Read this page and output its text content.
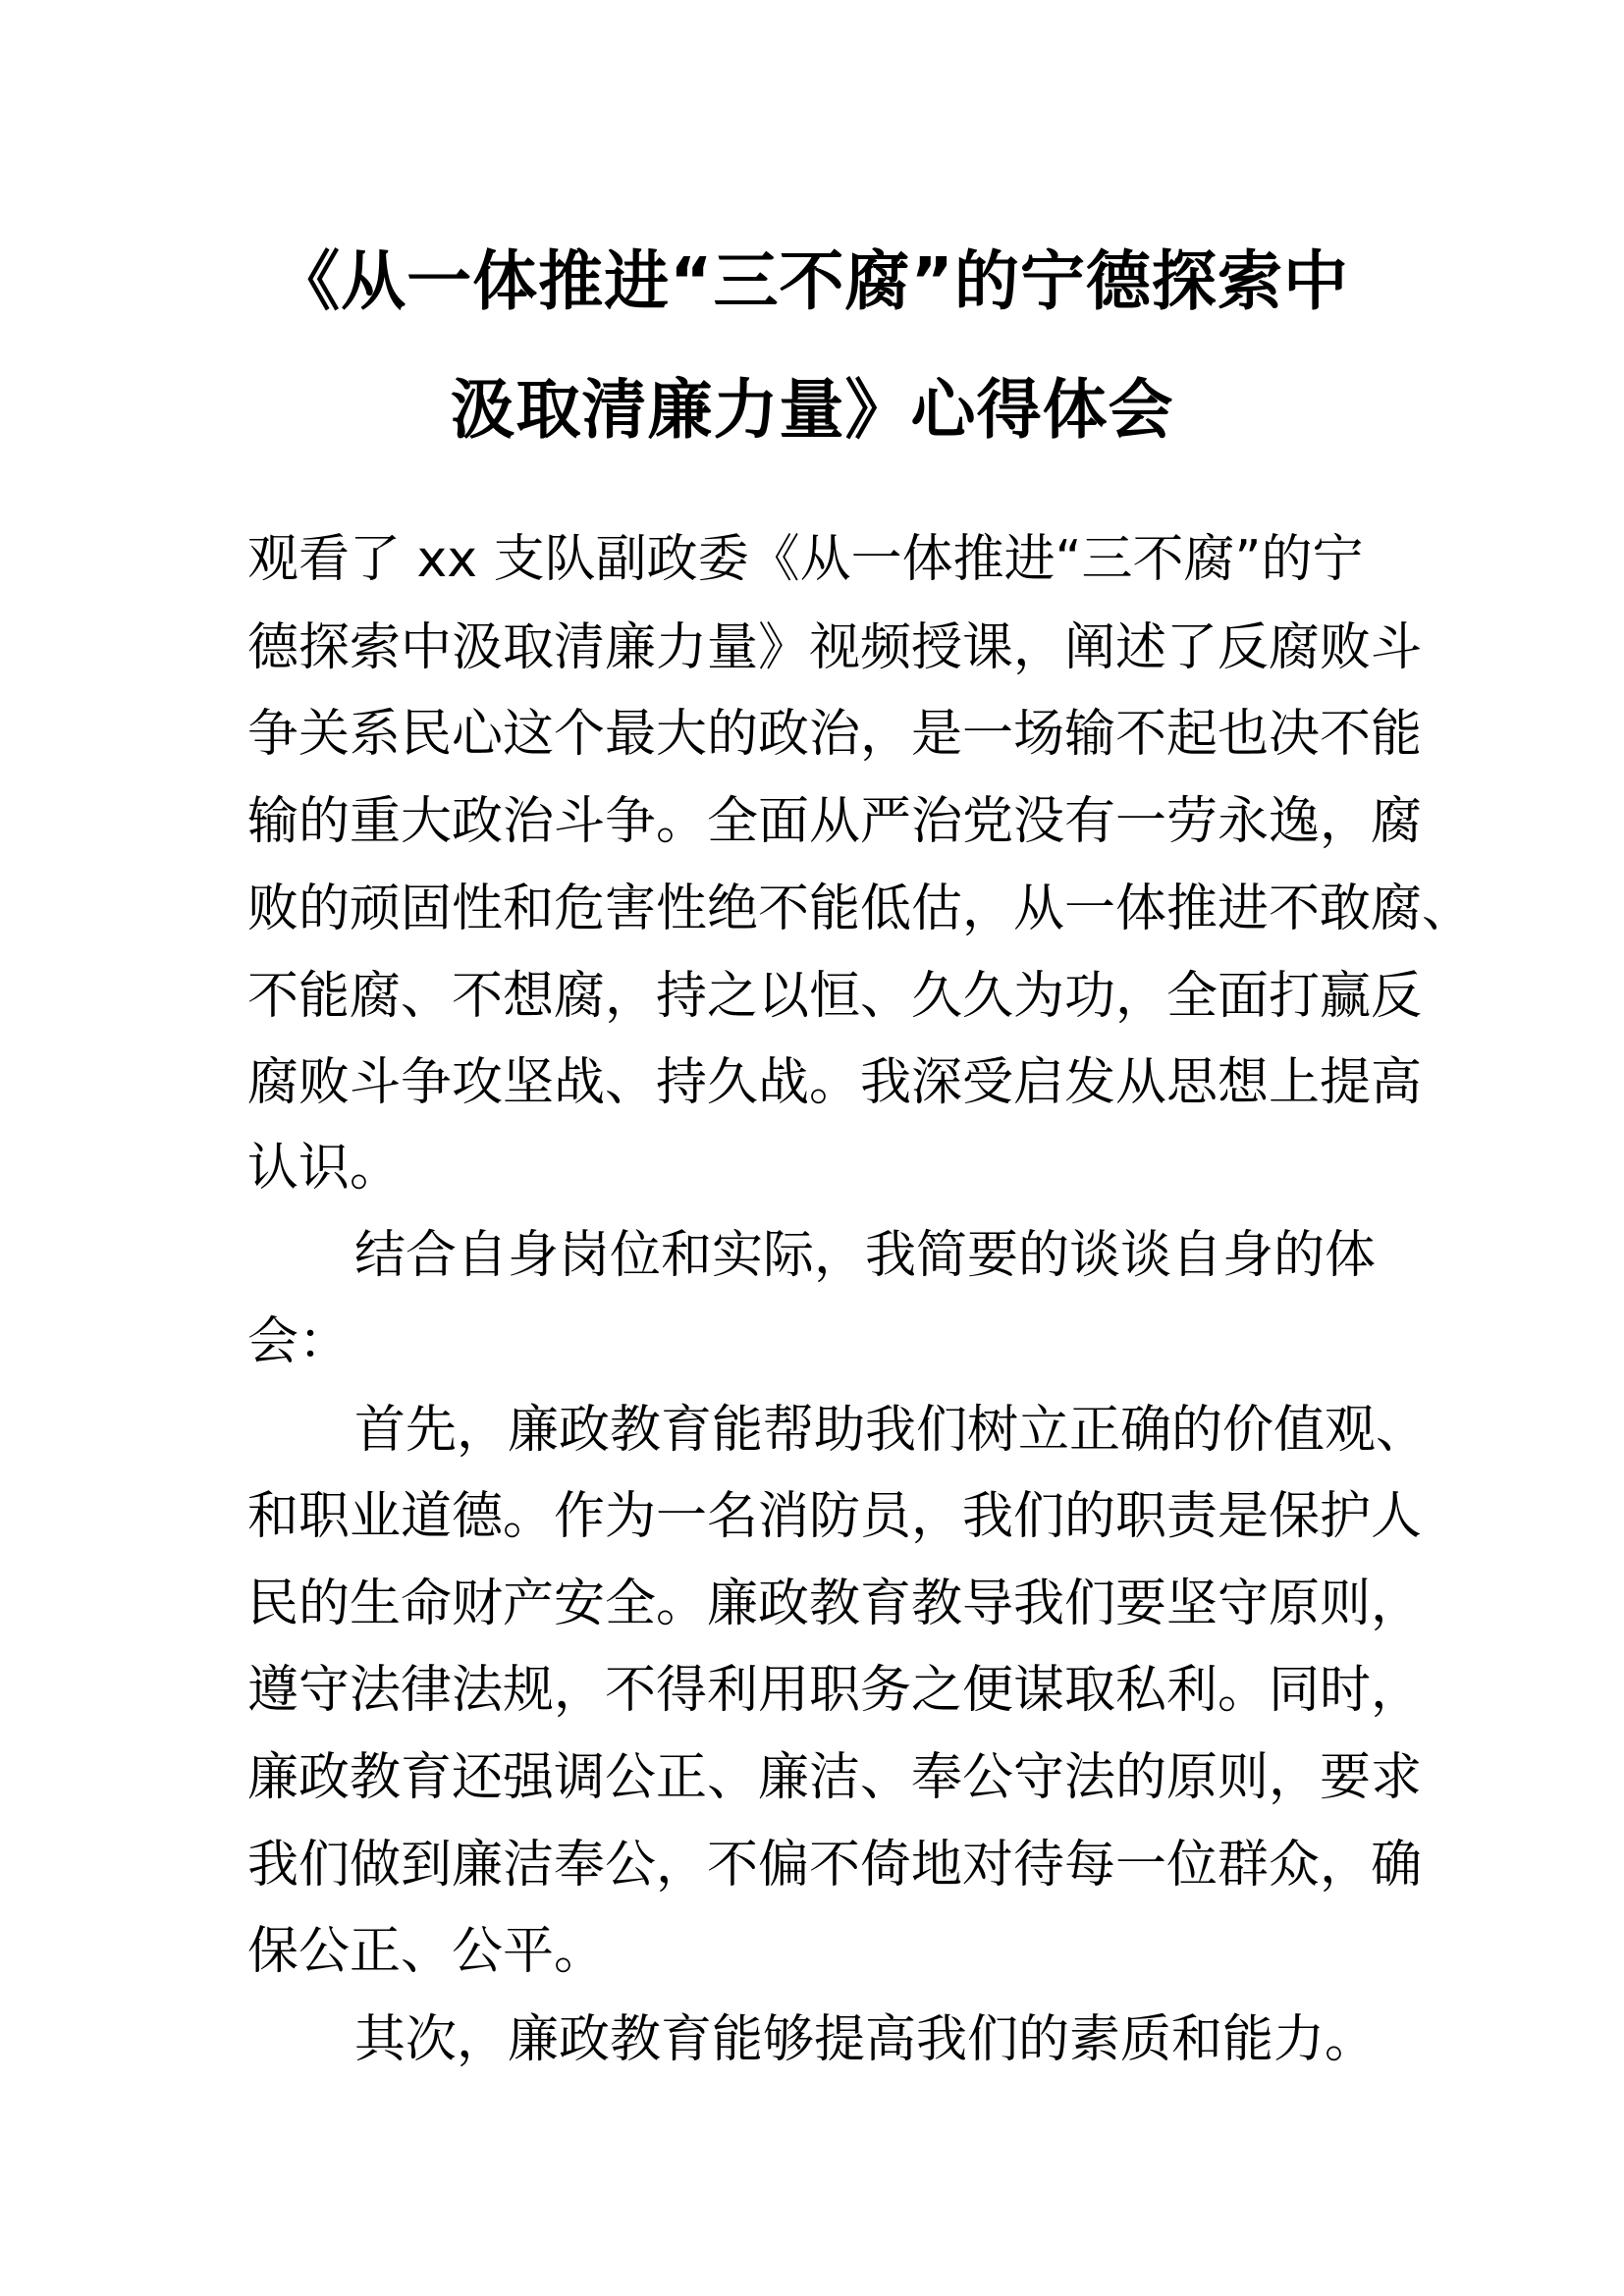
《从一体推进“三不腐”的宁德探索中
汲取清廉力量》心得体会

观看了 xx 支队副政委《从一体推进“三不腐”的宁

德探索中汲取清廉力量》视频授课，阐述了反腐败斗

争关系民心这个最大的政治，是一场输不起也决不能

输的重大政治斗争。全面从严治党没有一劳永逸，腐

败的顽固性和危害性绝不能低估，从一体推进不敢腐、

不能腐、不想腐，持之以恒、久久为功，全面打赢反

腐败斗争攻坚战、持久战。我深受启发从思想上提高

认识。

结合自身岗位和实际，我简要的谈谈自身的体

会：

首先，廉政教育能帮助我们树立正确的价值观、

和职业道德。作为一名消防员，我们的职责是保护人

民的生命财产安全。廉政教育教导我们要坚守原则，

遵守法律法规，不得利用职务之便谋取私利。同时，

廉政教育还强调公正、廉洁、奉公守法的原则，要求

我们做到廉洁奉公，不偏不倚地对待每一位群众，确

保公正、公平。

其次，廉政教育能够提高我们的素质和能力。
